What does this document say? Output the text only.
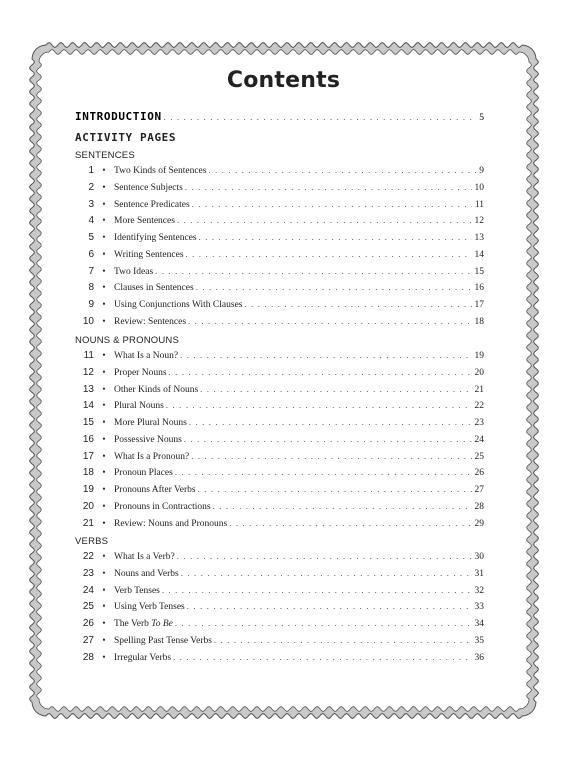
Contents
INTRODUCTION . . .	5
ACTIVITY PAGES
SENTENCES
1 • Two Kinds of Sentences . . .	9
2 • Sentence Subjects . . .	10
3 • Sentence Predicates . . .	11
4 • More Sentences . . .	12
5 • Identifying Sentences . . .	13
6 • Writing Sentences . . .	14
7 • Two Ideas . . .	15
8 • Clauses in Sentences . . .	16
9 • Using Conjunctions With Clauses . . .	17
10 • Review: Sentences . . .	18
NOUNS & PRONOUNS
11 • What Is a Noun? . . .	19
12 • Proper Nouns . . .	20
13 • Other Kinds of Nouns . . .	21
14 • Plural Nouns . . .	22
15 • More Plural Nouns . . .	23
16 • Possessive Nouns . . .	24
17 • What Is a Pronoun? . . .	25
18 • Pronoun Places . . .	26
19 • Pronouns After Verbs . . .	27
20 • Pronouns in Contractions . . .	28
21 • Review: Nouns and Pronouns . . .	29
VERBS
22 • What Is a Verb? . . .	30
23 • Nouns and Verbs . . .	31
24 • Verb Tenses . . .	32
25 • Using Verb Tenses . . .	33
26 • The Verb To Be . . .	34
27 • Spelling Past Tense Verbs . . .	35
28 • Irregular Verbs . . .	36
